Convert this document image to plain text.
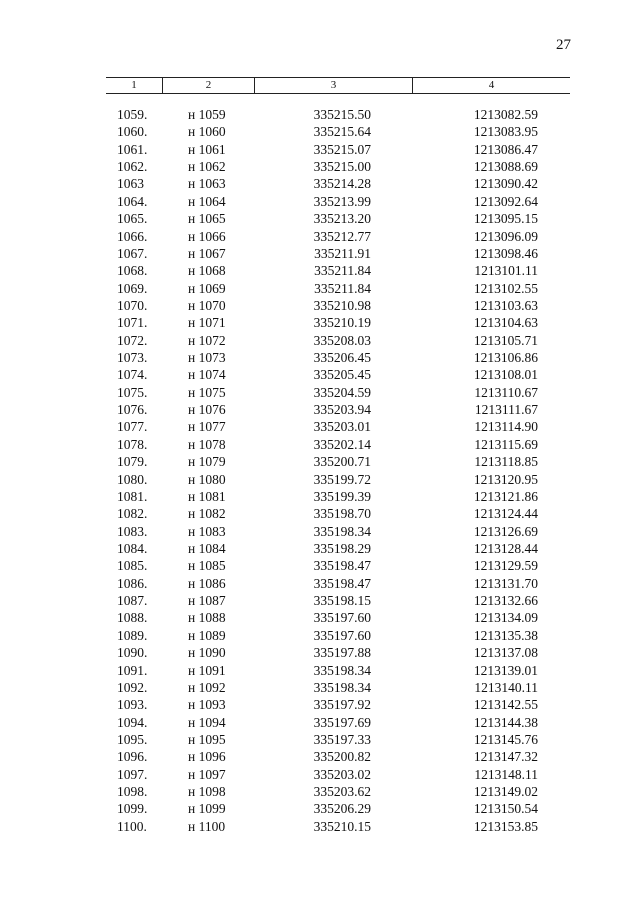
27
1	2	3	4
1059.	н 1059	335215.50	1213082.59
1060.	н 1060	335215.64	1213083.95
1061.	н 1061	335215.07	1213086.47
1062.	н 1062	335215.00	1213088.69
1063	н 1063	335214.28	1213090.42
1064.	н 1064	335213.99	1213092.64
1065.	н 1065	335213.20	1213095.15
1066.	н 1066	335212.77	1213096.09
1067.	н 1067	335211.91	1213098.46
1068.	н 1068	335211.84	1213101.11
1069.	н 1069	335211.84	1213102.55
1070.	н 1070	335210.98	1213103.63
1071.	н 1071	335210.19	1213104.63
1072.	н 1072	335208.03	1213105.71
1073.	н 1073	335206.45	1213106.86
1074.	н 1074	335205.45	1213108.01
1075.	н 1075	335204.59	1213110.67
1076.	н 1076	335203.94	1213111.67
1077.	н 1077	335203.01	1213114.90
1078.	н 1078	335202.14	1213115.69
1079.	н 1079	335200.71	1213118.85
1080.	н 1080	335199.72	1213120.95
1081.	н 1081	335199.39	1213121.86
1082.	н 1082	335198.70	1213124.44
1083.	н 1083	335198.34	1213126.69
1084.	н 1084	335198.29	1213128.44
1085.	н 1085	335198.47	1213129.59
1086.	н 1086	335198.47	1213131.70
1087.	н 1087	335198.15	1213132.66
1088.	н 1088	335197.60	1213134.09
1089.	н 1089	335197.60	1213135.38
1090.	н 1090	335197.88	1213137.08
1091.	н 1091	335198.34	1213139.01
1092.	н 1092	335198.34	1213140.11
1093.	н 1093	335197.92	1213142.55
1094.	н 1094	335197.69	1213144.38
1095.	н 1095	335197.33	1213145.76
1096.	н 1096	335200.82	1213147.32
1097.	н 1097	335203.02	1213148.11
1098.	н 1098	335203.62	1213149.02
1099.	н 1099	335206.29	1213150.54
1100.	н 1100	335210.15	1213153.85
